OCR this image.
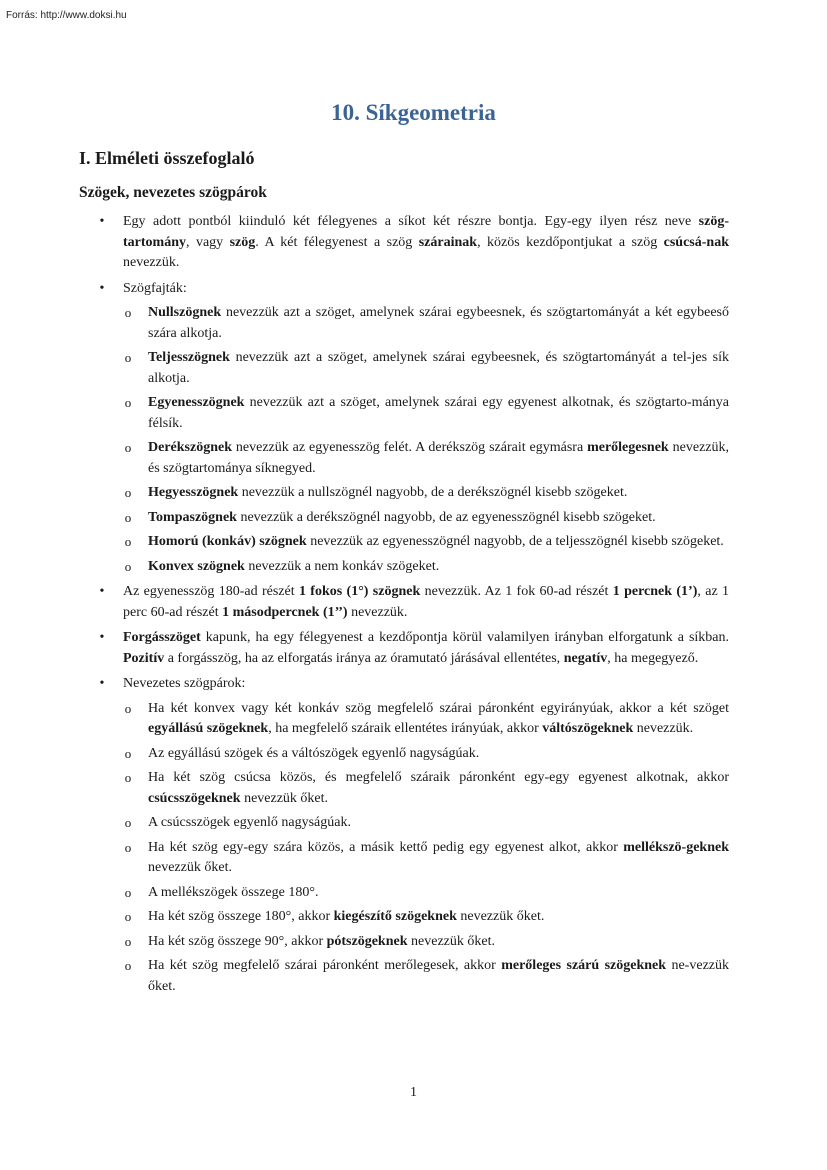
Forrás: http://www.doksi.hu
10. Síkgeometria
I. Elméleti összefoglaló
Szögek, nevezetes szögpárok
•	Egy adott pontból kiinduló két félegyenes a síkot két részre bontja. Egy-egy ilyen rész neve szög-tartomány, vagy szög. A két félegyenest a szög szárainak, közös kezdőpontjukat a szög csúcsá-nak nevezzük.
•	Szögfajták:
o Nullszögnek nevezzük azt a szöget, amelynek szárai egybeesnek, és szögtartományát a két egybeeső szára alkotja.
o Teljesszögnek nevezzük azt a szöget, amelynek szárai egybeesnek, és szögtartományát a tel-jes sík alkotja.
o Egyenesszögnek nevezzük azt a szöget, amelynek szárai egy egyenest alkotnak, és szögtarto-mánya félsík.
o Derékszögnek nevezzük az egyenesszög felét. A derékszög szárait egymásra merőlegesnek nevezzük, és szögtartománya síknegyed.
o Hegyesszögnek nevezzük a nullszögnél nagyobb, de a derékszögnél kisebb szögeket.
o Tompaszögnek nevezzük a derékszögnél nagyobb, de az egyenesszögnél kisebb szögeket.
o Homorú (konkáv) szögnek nevezzük az egyenesszögnél nagyobb, de a teljesszögnél kisebb szögeket.
o Konvex szögnek nevezzük a nem konkáv szögeket.
•	Az egyenesszög 180-ad részét 1 fokos (1°) szögnek nevezzük. Az 1 fok 60-ad részét 1 percnek (1’), az 1 perc 60-ad részét 1 másodpercnek (1’’) nevezzük.
•	Forgásszöget kapunk, ha egy félegyenest a kezdőpontja körül valamilyen irányban elforgatunk a síkban. Pozitív a forgásszög, ha az elforgatás iránya az óramutató járásával ellentétes, negatív, ha megegyező.
•	Nevezetes szögpárok:
o Ha két konvex vagy két konkáv szög megfelelő szárai páronként egyirányúak, akkor a két szöget egyállású szögeknek, ha megfelelő száraik ellentétes irányúak, akkor váltószögeknek nevezzük.
o Az egyállású szögek és a váltószögek egyenlő nagyságúak.
o Ha két szög csúcsa közös, és megfelelő száraik páronként egy-egy egyenest alkotnak, akkor csúcsszögeknek nevezzük őket.
o A csúcsszögek egyenlő nagyságúak.
o Ha két szög egy-egy szára közös, a másik kettő pedig egy egyenest alkot, akkor mellékszö-geknek nevezzük őket.
o A mellékszögek összege 180°.
o Ha két szög összege 180°, akkor kiegészítő szögeknek nevezzük őket.
o Ha két szög összege 90°, akkor pótszögeknek nevezzük őket.
o Ha két szög megfelelő szárai páronként merőlegesek, akkor merőleges szárú szögeknek ne-vezzük őket.
1
